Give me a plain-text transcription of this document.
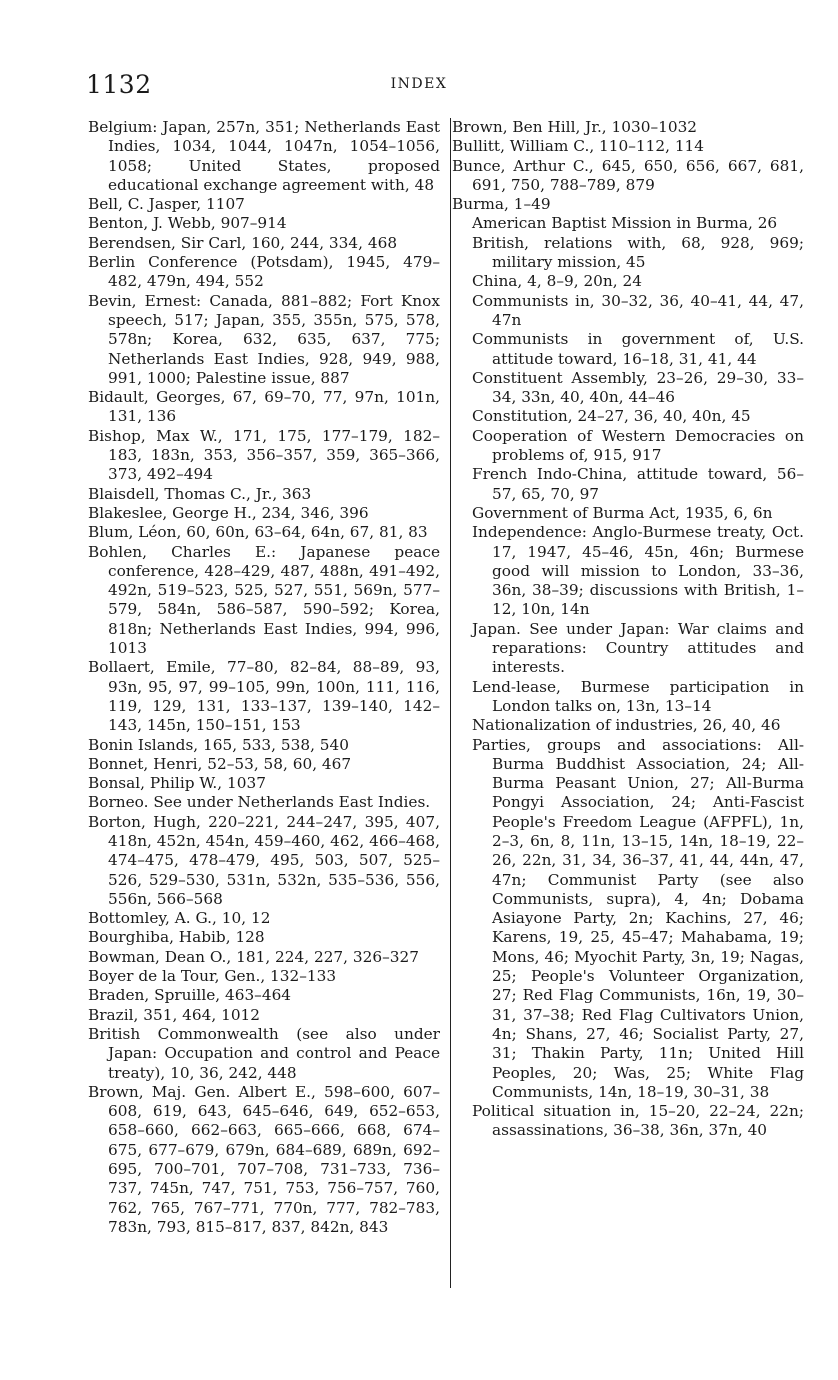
1132	INDEX

Belgium: Japan, 257n, 351; Netherlands East Indies, 1034, 1044, 1047n, 1054–1056, 1058; United States, proposed educational exchange agreement with, 48

Bell, C. Jasper, 1107

Benton, J. Webb, 907–914

Berendsen, Sir Carl, 160, 244, 334, 468

Berlin Conference (Potsdam), 1945, 479–482, 479n, 494, 552

Bevin, Ernest: Canada, 881–882; Fort Knox speech, 517; Japan, 355, 355n, 575, 578, 578n; Korea, 632, 635, 637, 775; Netherlands East Indies, 928, 949, 988, 991, 1000; Palestine issue, 887

Bidault, Georges, 67, 69–70, 77, 97n, 101n, 131, 136

Bishop, Max W., 171, 175, 177–179, 182–183, 183n, 353, 356–357, 359, 365–366, 373, 492–494

Blaisdell, Thomas C., Jr., 363

Blakeslee, George H., 234, 346, 396

Blum, Léon, 60, 60n, 63–64, 64n, 67, 81, 83

Bohlen, Charles E.: Japanese peace conference, 428–429, 487, 488n, 491–492, 492n, 519–523, 525, 527, 551, 569n, 577–579, 584n, 586–587, 590–592; Korea, 818n; Netherlands East Indies, 994, 996, 1013

Bollaert, Emile, 77–80, 82–84, 88–89, 93, 93n, 95, 97, 99–105, 99n, 100n, 111, 116, 119, 129, 131, 133–137, 139–140, 142–143, 145n, 150–151, 153

Bonin Islands, 165, 533, 538, 540

Bonnet, Henri, 52–53, 58, 60, 467

Bonsal, Philip W., 1037

Borneo. See under Netherlands East Indies.

Borton, Hugh, 220–221, 244–247, 395, 407, 418n, 452n, 454n, 459–460, 462, 466–468, 474–475, 478–479, 495, 503, 507, 525–526, 529–530, 531n, 532n, 535–536, 556, 556n, 566–568

Bottomley, A. G., 10, 12

Bourghiba, Habib, 128

Bowman, Dean O., 181, 224, 227, 326–327

Boyer de la Tour, Gen., 132–133

Braden, Spruille, 463–464

Brazil, 351, 464, 1012

British Commonwealth (see also under Japan: Occupation and control and Peace treaty), 10, 36, 242, 448

Brown, Maj. Gen. Albert E., 598–600, 607–608, 619, 643, 645–646, 649, 652–653, 658–660, 662–663, 665–666, 668, 674–675, 677–679, 679n, 684–689, 689n, 692–695, 700–701, 707–708, 731–733, 736–737, 745n, 747, 751, 753, 756–757, 760, 762, 765, 767–771, 770n, 777, 782–783, 783n, 793, 815–817, 837, 842n, 843

Brown, Ben Hill, Jr., 1030–1032

Bullitt, William C., 110–112, 114

Bunce, Arthur C., 645, 650, 656, 667, 681, 691, 750, 788–789, 879

Burma, 1–49

American Baptist Mission in Burma, 26

British, relations with, 68, 928, 969; military mission, 45

China, 4, 8–9, 20n, 24

Communists in, 30–32, 36, 40–41, 44, 47, 47n

Communists in government of, U.S. attitude toward, 16–18, 31, 41, 44

Constituent Assembly, 23–26, 29–30, 33–34, 33n, 40, 40n, 44–46

Constitution, 24–27, 36, 40, 40n, 45

Cooperation of Western Democracies on problems of, 915, 917

French Indo-China, attitude toward, 56–57, 65, 70, 97

Government of Burma Act, 1935, 6, 6n

Independence: Anglo-Burmese treaty, Oct. 17, 1947, 45–46, 45n, 46n; Burmese good will mission to London, 33–36, 36n, 38–39; discussions with British, 1–12, 10n, 14n

Japan. See under Japan: War claims and reparations: Country attitudes and interests.

Lend-lease, Burmese participation in London talks on, 13n, 13–14

Nationalization of industries, 26, 40, 46

Parties, groups and associations: All-Burma Buddhist Association, 24; All-Burma Peasant Union, 27; All-Burma Pongyi Association, 24; Anti-Fascist People's Freedom League (AFPFL), 1n, 2–3, 6n, 8, 11n, 13–15, 14n, 18–19, 22–26, 22n, 31, 34, 36–37, 41, 44, 44n, 47, 47n; Communist Party (see also Communists, supra), 4, 4n; Dobama Asiayone Party, 2n; Kachins, 27, 46; Karens, 19, 25, 45–47; Mahabama, 19; Mons, 46; Myochit Party, 3n, 19; Nagas, 25; People's Volunteer Organization, 27; Red Flag Communists, 16n, 19, 30–31, 37–38; Red Flag Cultivators Union, 4n; Shans, 27, 46; Socialist Party, 27, 31; Thakin Party, 11n; United Hill Peoples, 20; Was, 25; White Flag Communists, 14n, 18–19, 30–31, 38

Political situation in, 15–20, 22–24, 22n; assassinations, 36–38, 36n, 37n, 40
